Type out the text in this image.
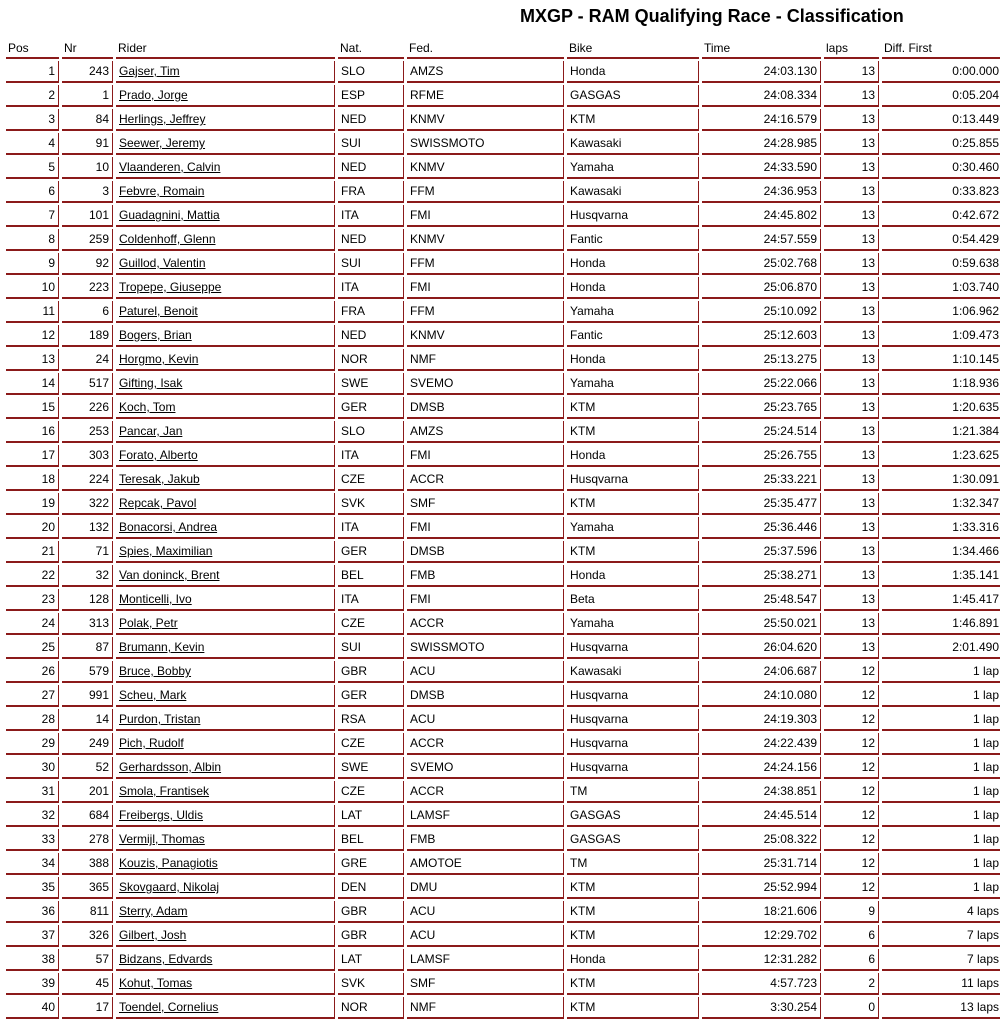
MXGP - RAM Qualifying Race - Classification
Pos	Nr	Rider	Nat.	Fed.	Bike	Time	laps	Diff. First
1	243	Gajser, Tim	SLO	AMZS	Honda	24:03.130	13	0:00.000
2	1	Prado, Jorge	ESP	RFME	GASGAS	24:08.334	13	0:05.204
3	84	Herlings, Jeffrey	NED	KNMV	KTM	24:16.579	13	0:13.449
4	91	Seewer, Jeremy	SUI	SWISSMOTO	Kawasaki	24:28.985	13	0:25.855
5	10	Vlaanderen, Calvin	NED	KNMV	Yamaha	24:33.590	13	0:30.460
6	3	Febvre, Romain	FRA	FFM	Kawasaki	24:36.953	13	0:33.823
7	101	Guadagnini, Mattia	ITA	FMI	Husqvarna	24:45.802	13	0:42.672
8	259	Coldenhoff, Glenn	NED	KNMV	Fantic	24:57.559	13	0:54.429
9	92	Guillod, Valentin	SUI	FFM	Honda	25:02.768	13	0:59.638
10	223	Tropepe, Giuseppe	ITA	FMI	Honda	25:06.870	13	1:03.740
11	6	Paturel, Benoit	FRA	FFM	Yamaha	25:10.092	13	1:06.962
12	189	Bogers, Brian	NED	KNMV	Fantic	25:12.603	13	1:09.473
13	24	Horgmo, Kevin	NOR	NMF	Honda	25:13.275	13	1:10.145
14	517	Gifting, Isak	SWE	SVEMO	Yamaha	25:22.066	13	1:18.936
15	226	Koch, Tom	GER	DMSB	KTM	25:23.765	13	1:20.635
16	253	Pancar, Jan	SLO	AMZS	KTM	25:24.514	13	1:21.384
17	303	Forato, Alberto	ITA	FMI	Honda	25:26.755	13	1:23.625
18	224	Teresak, Jakub	CZE	ACCR	Husqvarna	25:33.221	13	1:30.091
19	322	Repcak, Pavol	SVK	SMF	KTM	25:35.477	13	1:32.347
20	132	Bonacorsi, Andrea	ITA	FMI	Yamaha	25:36.446	13	1:33.316
21	71	Spies, Maximilian	GER	DMSB	KTM	25:37.596	13	1:34.466
22	32	Van doninck, Brent	BEL	FMB	Honda	25:38.271	13	1:35.141
23	128	Monticelli, Ivo	ITA	FMI	Beta	25:48.547	13	1:45.417
24	313	Polak, Petr	CZE	ACCR	Yamaha	25:50.021	13	1:46.891
25	87	Brumann, Kevin	SUI	SWISSMOTO	Husqvarna	26:04.620	13	2:01.490
26	579	Bruce, Bobby	GBR	ACU	Kawasaki	24:06.687	12	1 lap
27	991	Scheu, Mark	GER	DMSB	Husqvarna	24:10.080	12	1 lap
28	14	Purdon, Tristan	RSA	ACU	Husqvarna	24:19.303	12	1 lap
29	249	Pich, Rudolf	CZE	ACCR	Husqvarna	24:22.439	12	1 lap
30	52	Gerhardsson, Albin	SWE	SVEMO	Husqvarna	24:24.156	12	1 lap
31	201	Smola, Frantisek	CZE	ACCR	TM	24:38.851	12	1 lap
32	684	Freibergs, Uldis	LAT	LAMSF	GASGAS	24:45.514	12	1 lap
33	278	Vermijl, Thomas	BEL	FMB	GASGAS	25:08.322	12	1 lap
34	388	Kouzis, Panagiotis	GRE	AMOTOE	TM	25:31.714	12	1 lap
35	365	Skovgaard, Nikolaj	DEN	DMU	KTM	25:52.994	12	1 lap
36	811	Sterry, Adam	GBR	ACU	KTM	18:21.606	9	4 laps
37	326	Gilbert, Josh	GBR	ACU	KTM	12:29.702	6	7 laps
38	57	Bidzans, Edvards	LAT	LAMSF	Honda	12:31.282	6	7 laps
39	45	Kohut, Tomas	SVK	SMF	KTM	4:57.723	2	11 laps
40	17	Toendel, Cornelius	NOR	NMF	KTM	3:30.254	0	13 laps
